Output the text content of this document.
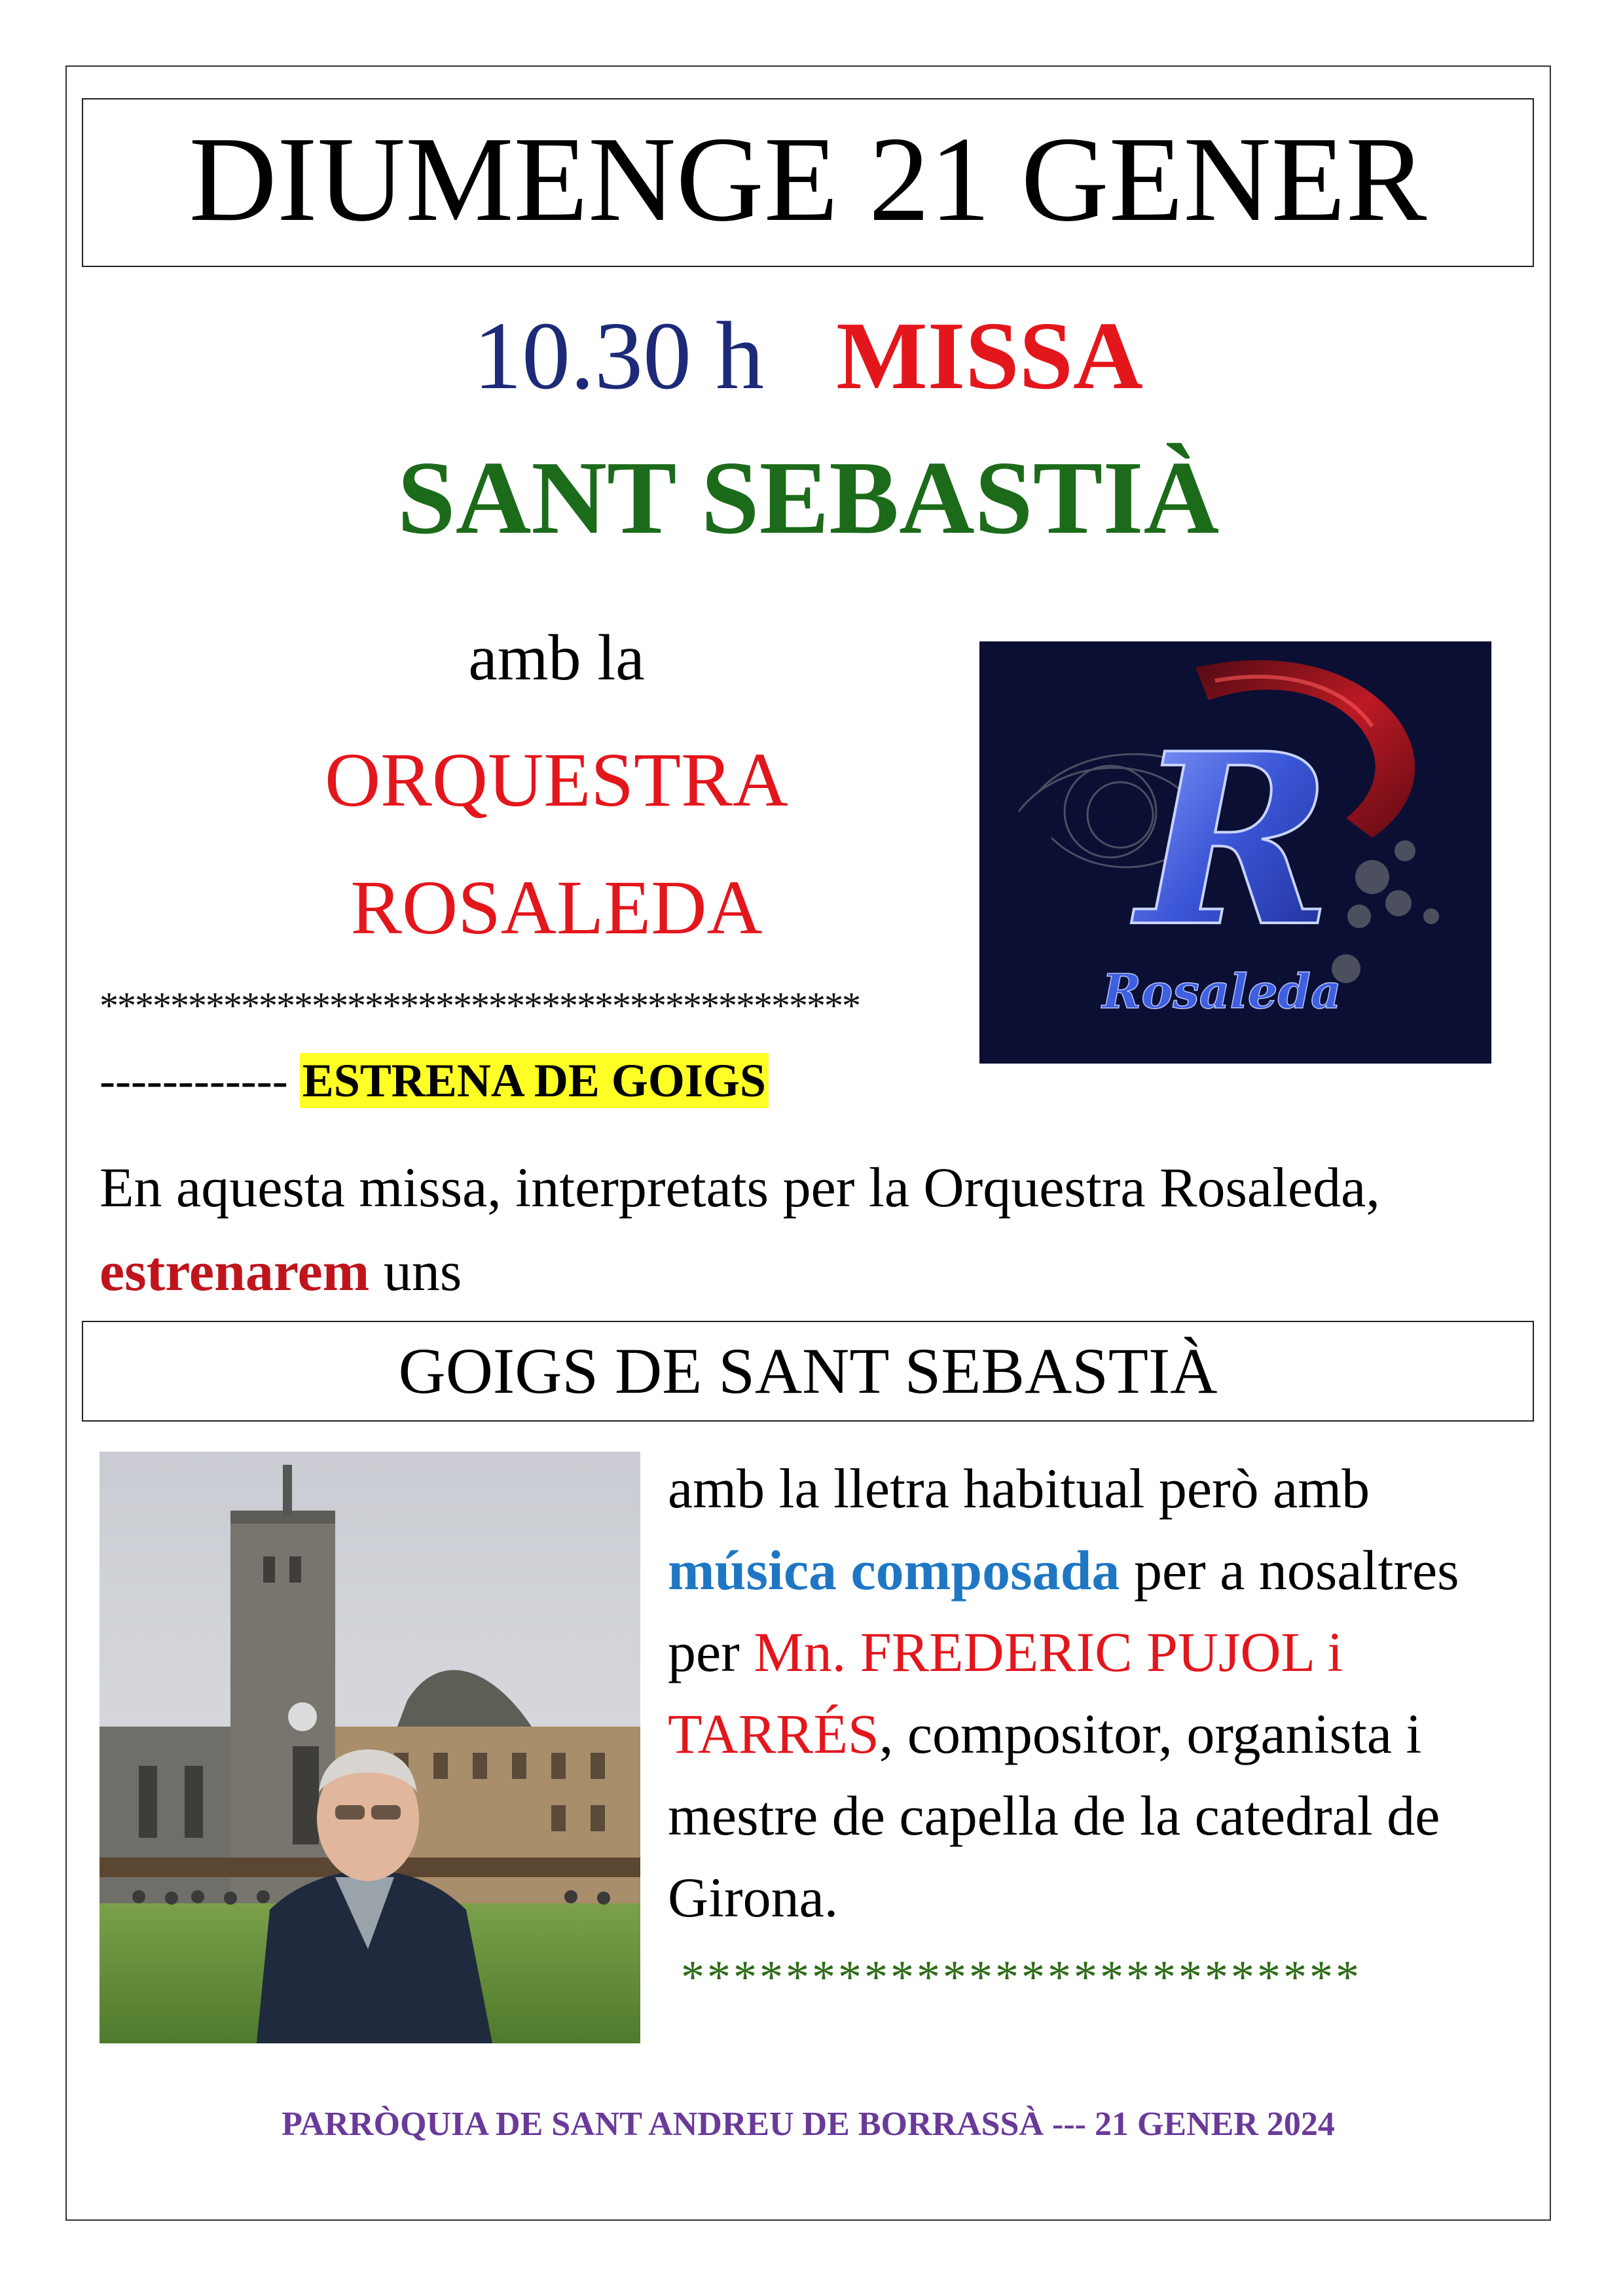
DIUMENGE 21 GENER
10.30 h MISSA
SANT SEBASTIÀ
amb la
ORQUESTRA
ROSALEDA	R
Rosaleda
*******************************************
------------ ESTRENA DE GOIGS
En aquesta missa, interpretats per la Orquestra Rosaleda, estrenarem uns
GOIGS DE SANT SEBASTIÀ
amb la lletra habitual però amb música composada per a nosaltres per Mn. FREDERIC PUJOL i TARRÉS, compositor, organista i mestre de capella de la catedral de Girona.
**************************
PARRÒQUIA DE SANT ANDREU DE BORRASSÀ --- 21 GENER 2024
